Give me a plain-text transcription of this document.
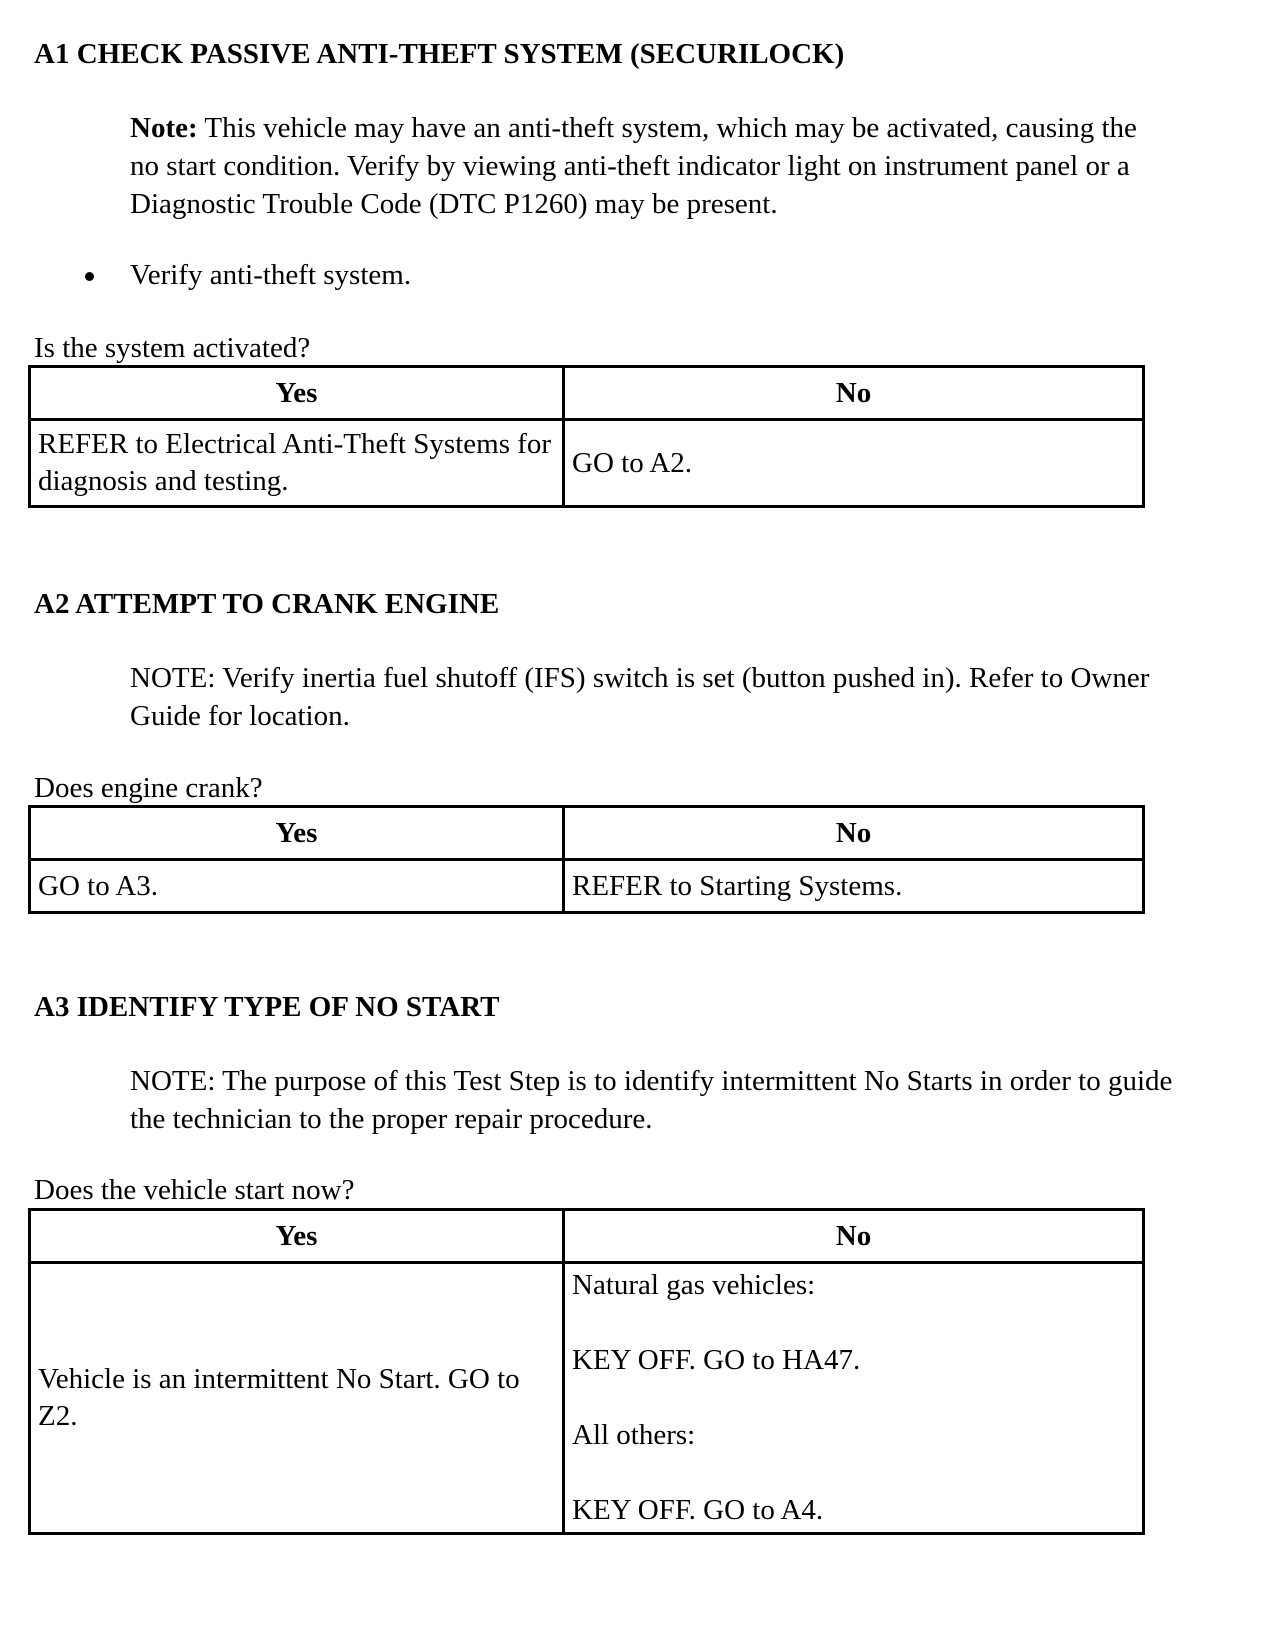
A1 CHECK PASSIVE ANTI-THEFT SYSTEM (SECURILOCK)
Note: This vehicle may have an anti-theft system, which may be activated, causing the no start condition. Verify by viewing anti-theft indicator light on instrument panel or a Diagnostic Trouble Code (DTC P1260) may be present.
Verify anti-theft system.
Is the system activated?
Yes	No
REFER to Electrical Anti-Theft Systems for diagnosis and testing.	GO to A2.
A2 ATTEMPT TO CRANK ENGINE
NOTE: Verify inertia fuel shutoff (IFS) switch is set (button pushed in). Refer to Owner Guide for location.
Does engine crank?
Yes	No
GO to A3.	REFER to Starting Systems.
A3 IDENTIFY TYPE OF NO START
NOTE: The purpose of this Test Step is to identify intermittent No Starts in order to guide the technician to the proper repair procedure.
Does the vehicle start now?
Yes	No
Vehicle is an intermittent No Start. GO to Z2.	Natural gas vehicles:

KEY OFF. GO to HA47.

All others:

KEY OFF. GO to A4.
